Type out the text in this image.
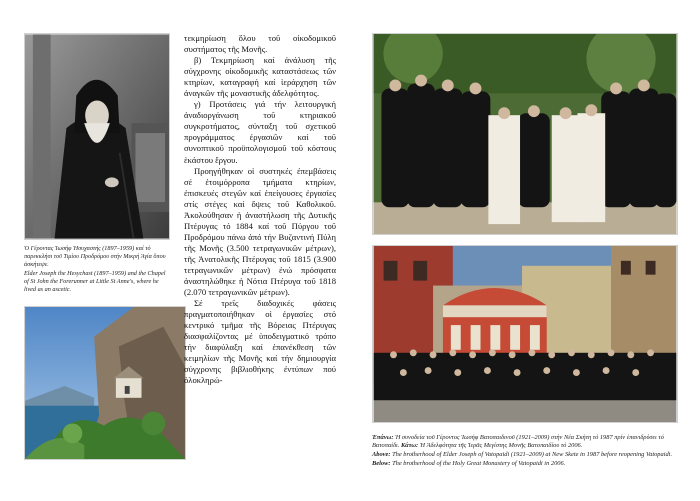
Ὁ Γέροντας Ἰωσήφ Ἡσυχαστής (1897–1959) καί τό παρεκκλήσι τοῦ Τιμίου Προδρόμου στήν Μικρή Ἁγία ὅπου ἀσκήτεψε.

Elder Joseph the Hesychast (1897–1959) and the Chapel of St John the Forerunner at Little St Anne's, where he lived as an ascetic.

τεκμηρίωση ὅλου τοῦ οἰκοδομικοῦ συστήματος τῆς Μονῆς.

β) Τεκμηρίωση καί ἀνάλυση τῆς σύγχρονης οἰκοδομικῆς καταστάσεως τῶν κτηρίων, καταγραφή καί ἱεράρχηση τῶν ἀναγκῶν τῆς μοναστικῆς ἀδελφότητος.

γ) Προτάσεις γιά τήν λειτουργική ἀναδιοργάνωση τοῦ κτηριακοῦ συγκροτήματος, σύνταξη τοῦ σχετικοῦ προγράμματος ἐργασιῶν καί τοῦ συνοπτικοῦ προϋπολογισμοῦ τοῦ κόστους ἑκάστου ἔργου.

Προηγήθηκαν οἱ συστηκές ἐπεμβάσεις σέ ἑτοιμόρροπα τμήματα κτηρίων, ἐπισκευές στεγῶν καί ἐπείγουσες ἐργασίες στίς στέγες καί ὄψεις τοῦ Καθολικοῦ. Ἀκολούθησαν ἡ ἀναστήλωση τῆς Δυτικῆς Πτέρυγας τό 1884 καί τοῦ Πύργου τοῦ Προδρόμου πάνω ἀπό τήν Βυζαντινή Πύλη τῆς Μονῆς (3.500 τετραγωνικῶν μέτρων), τῆς Ἀνατολικῆς Πτέρυγας τοῦ 1815 (3.900 τετραγωνικῶν μέτρων) ἐνώ πρόσφατα ἀναστηλώθηκε ἡ Νότια Πτέρυγα τοῦ 1818 (2.070 τετραγωνικῶν μέτρων).

Σέ τρεῖς διαδοχικές φάσεις πραγματοποιήθηκαν οἱ ἐργασίες στό κεντρικό τμῆμα τῆς Βόρειας Πτέρυγας διασφαλίζοντας μέ ὑποδειγματικό τρόπο τήν διαφύλαξη καί ἐπανέκθεση τῶν κειμηλίων τῆς Μονῆς καί τήν δημιουργία σύγχρονης βιβλιοθήκης ἐντύπων πού ὁλοκληρώ-

Ἐπάνω: Ἡ συνοδεία τοῦ Γέροντος Ἰωσήφ Βατοπαιδινοῦ (1921–2009) στήν Νέα Σκήτη τό 1987 πρίν ἐπανιδρύσει τό Βατοπαίδι. Κάτω: Ἡ Ἀδελφότητα τῆς Ἱερᾶς Μεγίστης Μονῆς Βατοπαιδίου τό 2006.

Above: The brotherhood of Elder Joseph of Vatopaidi (1921–2009) at New Skete in 1987 before reopening Vatopaidi. Below: The brotherhood of the Holy Great Monastery of Vatopaidi in 2006.
